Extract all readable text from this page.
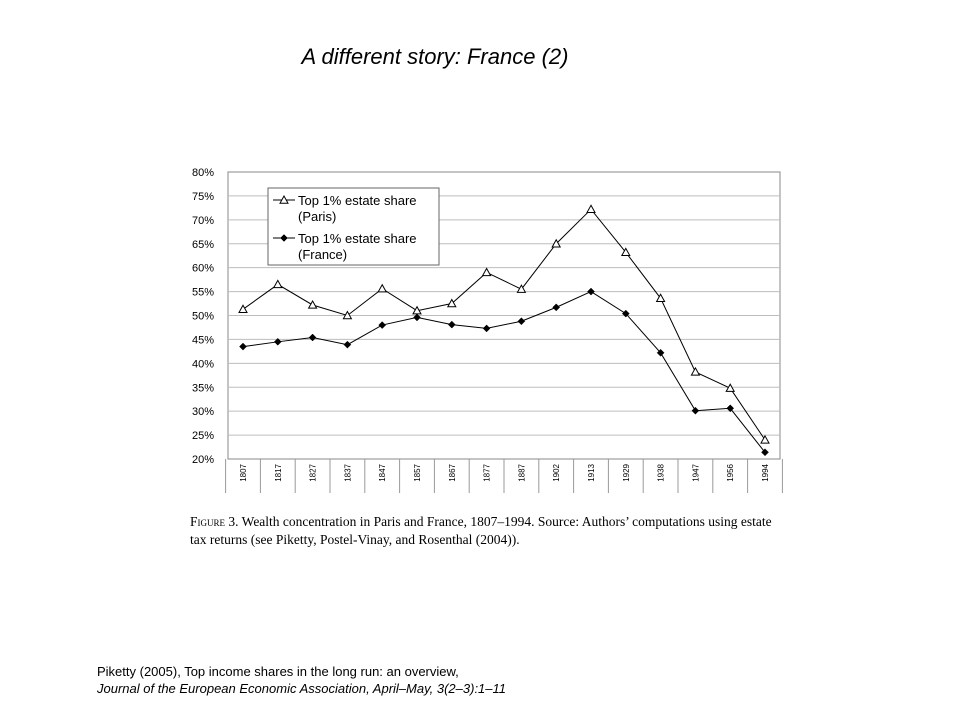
A different story: France (2)
20%
25%
30%
35%
40%
45%
50%
55%
60%
65%
70%
75%
80%
1807	1817	1827	1837	1847	1857	1867	1877	1887	1902	1913	1929	1938	1947	1956	1994
Top 1% estate share
(Paris)
Top 1% estate share
(France)
Figure 3. Wealth concentration in Paris and France, 1807–1994. Source: Authors’ computations using estate tax returns (see Piketty, Postel-Vinay, and Rosenthal (2004)).
Piketty (2005), Top income shares in the long run: an overview,
Journal of the European Economic Association, April–May, 3(2–3):1–11
